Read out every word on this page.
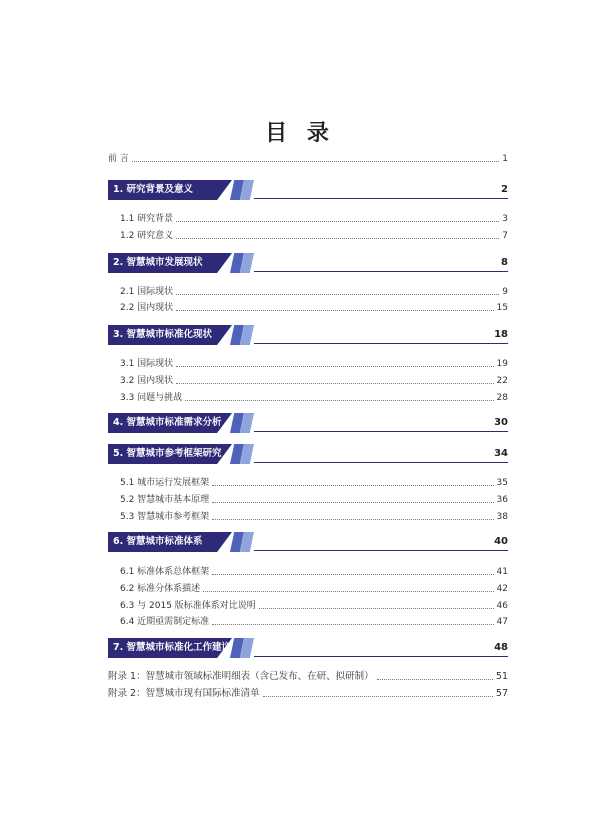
目 录
前 言	1
1. 研究背景及意义	2
1.1 研究背景	3
1.2 研究意义	7
2. 智慧城市发展现状	8
2.1 国际现状	9
2.2 国内现状	15
3. 智慧城市标准化现状	18
3.1 国际现状	19
3.2 国内现状	22
3.3 问题与挑战	28
4. 智慧城市标准需求分析	30
5. 智慧城市参考框架研究	34
5.1 城市运行发展框架	35
5.2 智慧城市基本原理	36
5.3 智慧城市参考框架	38
6. 智慧城市标准体系	40
6.1 标准体系总体框架	41
6.2 标准分体系描述	42
6.3 与 2015 版标准体系对比说明	46
6.4 近期亟需制定标准	47
7. 智慧城市标准化工作建议	48
附录 1：智慧城市领域标准明细表（含已发布、在研、拟研制）	51
附录 2：智慧城市现有国际标准清单	57
